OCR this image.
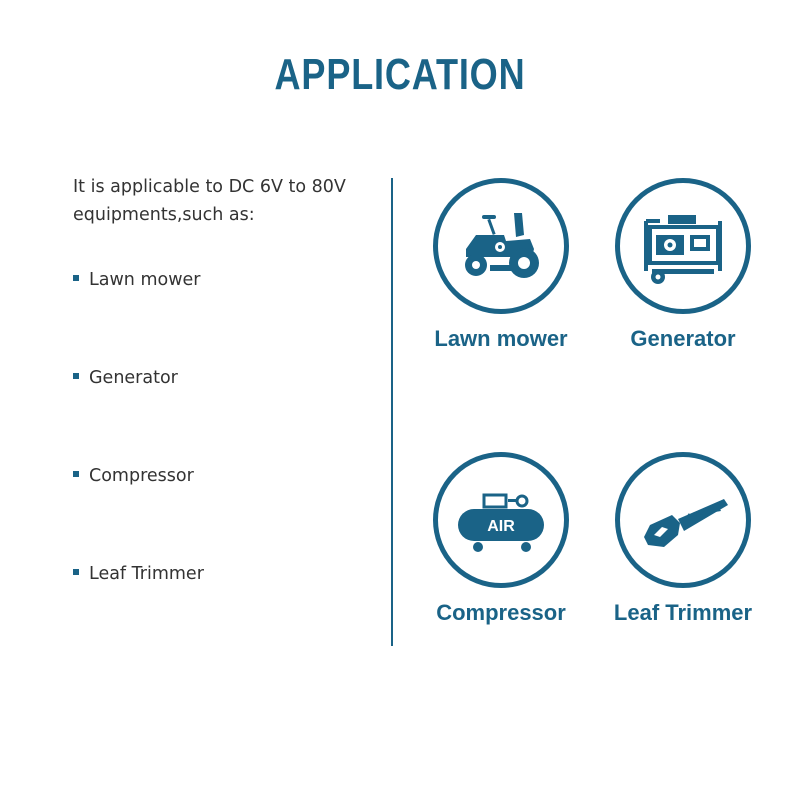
APPLICATION
It is applicable to DC 6V to 80V equipments,such as:
Lawn mower
Generator
Compressor
Leaf Trimmer
Lawn mower	Generator
AIR
Compressor	Leaf Trimmer
